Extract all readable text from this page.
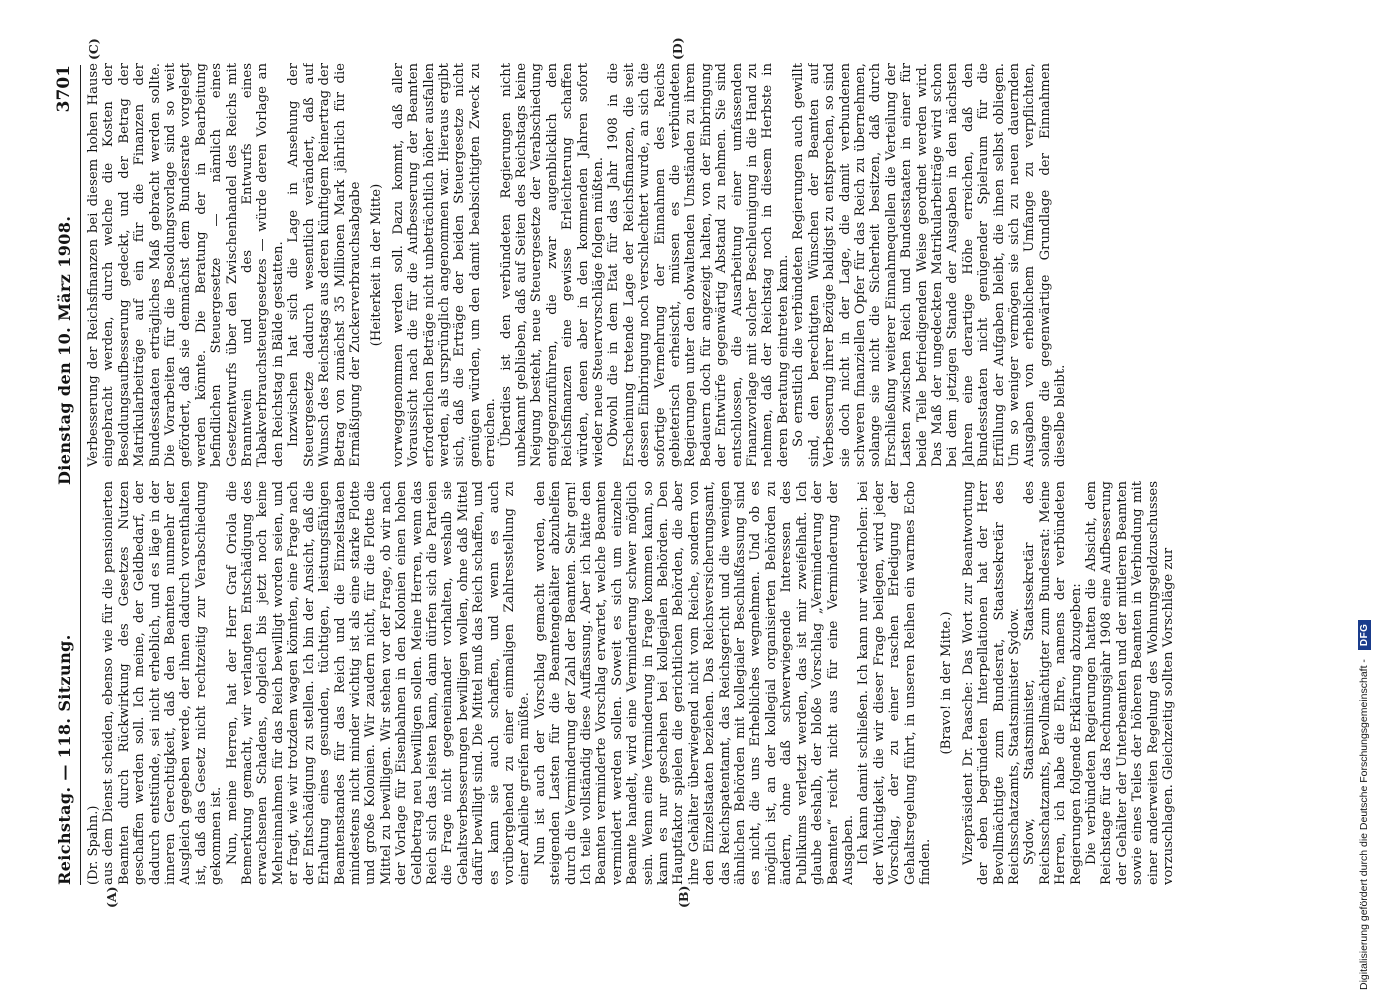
Reichstag. — 118. Sitzung.
Dienstag den 10. März 1908.
3701
(A)	(B)
(C)	(D)

(Dr. Spahn.) aus dem Dienst scheiden, ebenso wie für die pensionierten Beamten durch Rückwirkung des Gesetzes Nutzen geschaffen werden soll. Ich meine, der Geldbedarf, der dadurch entstünde, sei nicht erheblich, und es läge in der inneren Gerechtigkeit, daß den Beamten nunmehr der Ausgleich gegeben werde, der ihnen dadurch vorenthalten ist, daß das Gesetz nicht rechtzeitig zur Verabschiedung gekommen ist. Nun, meine Herren, hat der Herr Graf Oriola die Bemerkung gemacht, wir verlangten Entschädigung des erwachsenen Schadens, obgleich bis jetzt noch keine Mehreinnahmen für das Reich bewilligt worden seien, und er fragt, wie wir trotzdem wagen könnten, eine Frage nach der Entschädigung zu stellen. Ich bin der Ansicht, daß die Erhaltung eines gesunden, tüchtigen, leistungsfähigen Beamtenstandes für das Reich und die Einzelstaaten mindestens nicht minder wichtig ist als eine starke Flotte und große Kolonien. Wir zaudern nicht, für die Flotte die Mittel zu bewilligen. Wir stehen vor der Frage, ob wir nach der Vorlage für Eisenbahnen in den Kolonien einen hohen Geldbetrag neu bewilligen sollen. Meine Herren, wenn das Reich sich das leisten kann, dann dürfen sich die Parteien die Frage nicht gegeneinander vorhalten, weshalb sie Gehaltsverbesserungen bewilligen wollen, ohne daß Mittel dafür bewilligt sind. Die Mittel muß das Reich schaffen, und es kann sie auch schaffen, und wenn es auch vorübergehend zu einer einmaligen Zahlresstellung zu einer Anleihe greifen müßte. Nun ist auch der Vorschlag gemacht worden, den steigenden Lasten für die Beamtengehälter abzuhelfen durch die Verminderung der Zahl der Beamten. Sehr gern! Ich teile vollständig diese Auffassung. Aber ich hätte den Beamten verminderte Vorschlag erwartet, welche Beamten vermindert werden sollen. Soweit es sich um einzelne Beamte handelt, wird eine Verminderung schwer möglich sein. Wenn eine Verminderung in Frage kommen kann, so kann es nur geschehen bei kollegialen Behörden. Den Hauptfaktor spielen die gerichtlichen Behörden, die aber ihre Gehälter überwiegend nicht vom Reiche, sondern von den Einzelstaaten beziehen. Das Reichsversicherungsamt, das Reichspatentamt, das Reichsgericht und die wenigen ähnlichen Behörden mit kollegialer Beschlußfassung sind es nicht, die uns Erhebliches wegnehmen. Und ob es möglich ist, an der kollegial organisierten Behörden zu ändern, ohne daß schwerwiegende Interessen des Publikums verletzt werden, das ist mir zweifelhaft. Ich glaube deshalb, der bloße Vorschlag „Verminderung der Beamten“ reicht nicht aus für eine Verminderung der Ausgaben. Ich kann damit schließen. Ich kann nur wiederholen: bei der Wichtigkeit, die wir dieser Frage beilegen, wird jeder Vorschlag, der zu einer raschen Erledigung der Gehaltsregelung führt, in unseren Reihen ein warmes Echo finden.

(Bravo! in der Mitte.) Vizepräsident Dr. Paasche: Das Wort zur Beantwortung der eben begründeten Interpellationen hat der Herr Bevollmächtigte zum Bundesrat, Staatssekretär des Reichsschatzamts, Staatsminister Sydow. Sydow, Staatsminister, Staatssekretär des Reichsschatzamts, Bevollmächtigter zum Bundesrat: Meine Herren, ich habe die Ehre, namens der verbündeten Regierungen folgende Erklärung abzugeben: Die verbündeten Regierungen hatten die Absicht, dem Reichstage für das Rechnungsjahr 1908 eine Aufbesserung der Gehälter der Unterbeamten und der mittleren Beamten sowie eines Teiles der höheren Beamten in Verbindung mit einer anderweiten Regelung des Wohnungsgeldzuschusses vorzuschlagen. Gleichzeitig sollten Vorschläge zur

Verbesserung der Reichsfinanzen bei diesem hohen Hause eingebracht werden, durch welche die Kosten der Besoldungsaufbesserung gedeckt, und der Betrag der Matrikularbeiträge auf ein für die Finanzen der Bundesstaaten erträgliches Maß gebracht werden sollte. Die Vorarbeiten für die Besoldungsvorlage sind so weit gefördert, daß sie demnächst dem Bundesrate vorgelegt werden könnte. Die Beratung der in Bearbeitung befindlichen Steuergesetze — nämlich eines Gesetzentwurfs über den Zwischenhandel des Reichs mit Branntwein und des Entwurfs eines Tabakverbrauchsteuergesetzes — würde deren Vorlage an den Reichstag in Bälde gestatten. Inzwischen hat sich die Lage in Ansehung der Steuergesetze dadurch wesentlich verändert, daß auf Wunsch des Reichstags aus deren künftigem Reinertrag der Betrag von zunächst 35 Millionen Mark jährlich für die Ermäßigung der Zuckerverbrauchsabgabe (Heiterkeit in der Mitte) vorweggenommen werden soll. Dazu kommt, daß aller Voraussicht nach die für die Aufbesserung der Beamten erforderlichen Beträge nicht unbeträchtlich höher ausfallen werden, als ursprünglich angenommen war. Hieraus ergibt sich, daß die Erträge der beiden Steuergesetze nicht genügen würden, um den damit beabsichtigten Zweck zu erreichen. Überdies ist den verbündeten Regierungen nicht unbekannt geblieben, daß auf Seiten des Reichstags keine Neigung besteht, neue Steuergesetze der Verabschiedung entgegenzuführen, die zwar augenblicklich den Reichsfinanzen eine gewisse Erleichterung schaffen würden, denen aber in den kommenden Jahren sofort wieder neue Steuervorschläge folgen müßten. Obwohl die in dem Etat für das Jahr 1908 in die Erscheinung tretende Lage der Reichsfinanzen, die seit dessen Einbringung noch verschlechtert wurde, an sich die sofortige Vermehrung der Einnahmen des Reichs gebieterisch erheischt, müssen es die verbündeten Regierungen unter den obwaltenden Umständen zu ihrem Bedauern doch für angezeigt halten, von der Einbringung der Entwürfe gegenwärtig Abstand zu nehmen. Sie sind entschlossen, die Ausarbeitung einer umfassenden Finanzvorlage mit solcher Beschleunigung in die Hand zu nehmen, daß der Reichstag noch in diesem Herbste in deren Beratung eintreten kann. So ernstlich die verbündeten Regierungen auch gewillt sind, den berechtigten Wünschen der Beamten auf Verbesserung ihrer Bezüge baldigst zu entsprechen, so sind sie doch nicht in der Lage, die damit verbundenen schweren finanziellen Opfer für das Reich zu übernehmen, solange sie nicht die Sicherheit besitzen, daß durch Erschließung weiterer Einnahmequellen die Verteilung der Lasten zwischen Reich und Bundesstaaten in einer für beide Teile befriedigenden Weise geordnet werden wird. Das Maß der ungedeckten Matrikularbeiträge wird schon bei dem jetzigen Stande der Ausgaben in den nächsten Jahren eine derartige Höhe erreichen, daß den Bundesstaaten nicht genügender Spielraum für die Erfüllung der Aufgaben bleibt, die ihnen selbst obliegen. Um so weniger vermögen sie sich zu neuen dauernden Ausgaben von erheblichem Umfange zu verpflichten, solange die gegenwärtige Grundlage der Einnahmen dieselbe bleibt.

Digitalisierung gefördert durch die Deutsche Forschungsgemeinschaft - DFG
